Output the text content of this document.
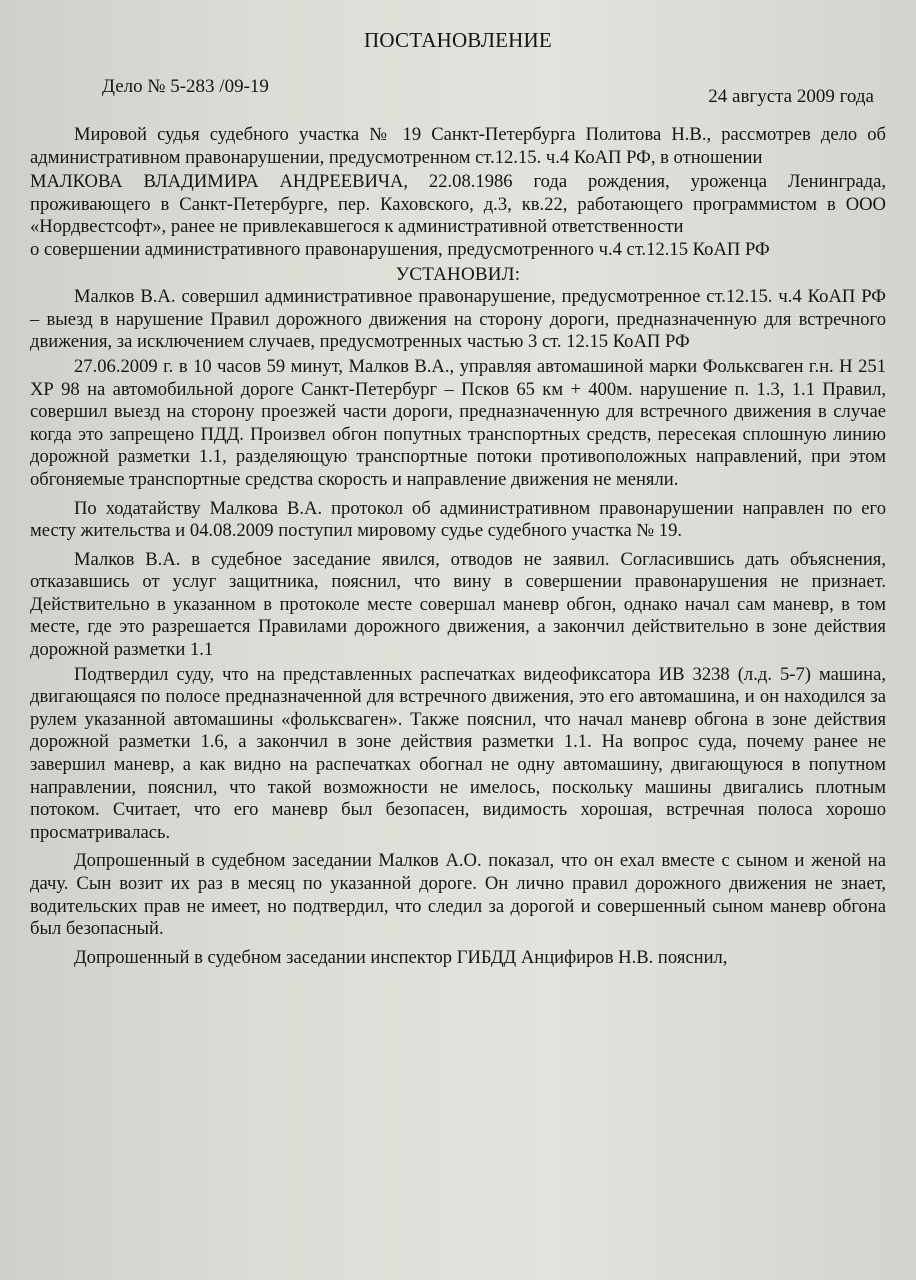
ПОСТАНОВЛЕНИЕ
Дело № 5-283 /09-19	24 августа 2009 года

Мировой судья судебного участка № 19 Санкт-Петербурга Политова Н.В., рассмотрев дело об административном правонарушении, предусмотренном ст.12.15. ч.4 КоАП РФ, в отношении

МАЛКОВА ВЛАДИМИРА АНДРЕЕВИЧА, 22.08.1986 года рождения, уроженца Ленинграда, проживающего в Санкт-Петербурге, пер. Каховского, д.3, кв.22, работающего программистом в ООО «Нордвестсофт», ранее не привлекавшегося к административной ответственности

о совершении административного правонарушения, предусмотренного ч.4 ст.12.15 КоАП РФ

УСТАНОВИЛ:

Малков В.А. совершил административное правонарушение, предусмотренное ст.12.15. ч.4 КоАП РФ – выезд в нарушение Правил дорожного движения на сторону дороги, предназначенную для встречного движения, за исключением случаев, предусмотренных частью 3 ст. 12.15 КоАП РФ

27.06.2009 г. в 10 часов 59 минут, Малков В.А., управляя автомашиной марки Фольксваген г.н. Н 251 ХР 98 на автомобильной дороге Санкт-Петербург – Псков 65 км + 400м. нарушение п. 1.3, 1.1 Правил, совершил выезд на сторону проезжей части дороги, предназначенную для встречного движения в случае когда это запрещено ПДД. Произвел обгон попутных транспортных средств, пересекая сплошную линию дорожной разметки 1.1, разделяющую транспортные потоки противоположных направлений, при этом обгоняемые транспортные средства скорость и направление движения не меняли.

По ходатайству Малкова В.А. протокол об административном правонарушении направлен по его месту жительства и 04.08.2009 поступил мировому судье судебного участка № 19.

Малков В.А. в судебное заседание явился, отводов не заявил. Согласившись дать объяснения, отказавшись от услуг защитника, пояснил, что вину в совершении правонарушения не признает. Действительно в указанном в протоколе месте совершал маневр обгон, однако начал сам маневр, в том месте, где это разрешается Правилами дорожного движения, а закончил действительно в зоне действия дорожной разметки 1.1

Подтвердил суду, что на представленных распечатках видеофиксатора ИВ 3238 (л.д. 5-7) машина, двигающаяся по полосе предназначенной для встречного движения, это его автомашина, и он находился за рулем указанной автомашины «фольксваген». Также пояснил, что начал маневр обгона в зоне действия дорожной разметки 1.6, а закончил в зоне действия разметки 1.1. На вопрос суда, почему ранее не завершил маневр, а как видно на распечатках обогнал не одну автомашину, двигающуюся в попутном направлении, пояснил, что такой возможности не имелось, поскольку машины двигались плотным потоком. Считает, что его маневр был безопасен, видимость хорошая, встречная полоса хорошо просматривалась.

Допрошенный в судебном заседании Малков А.О. показал, что он ехал вместе с сыном и женой на дачу. Сын возит их раз в месяц по указанной дороге. Он лично правил дорожного движения не знает, водительских прав не имеет, но подтвердил, что следил за дорогой и совершенный сыном маневр обгона был безопасный.

Допрошенный в судебном заседании инспектор ГИБДД Анцифиров Н.В. пояснил,
